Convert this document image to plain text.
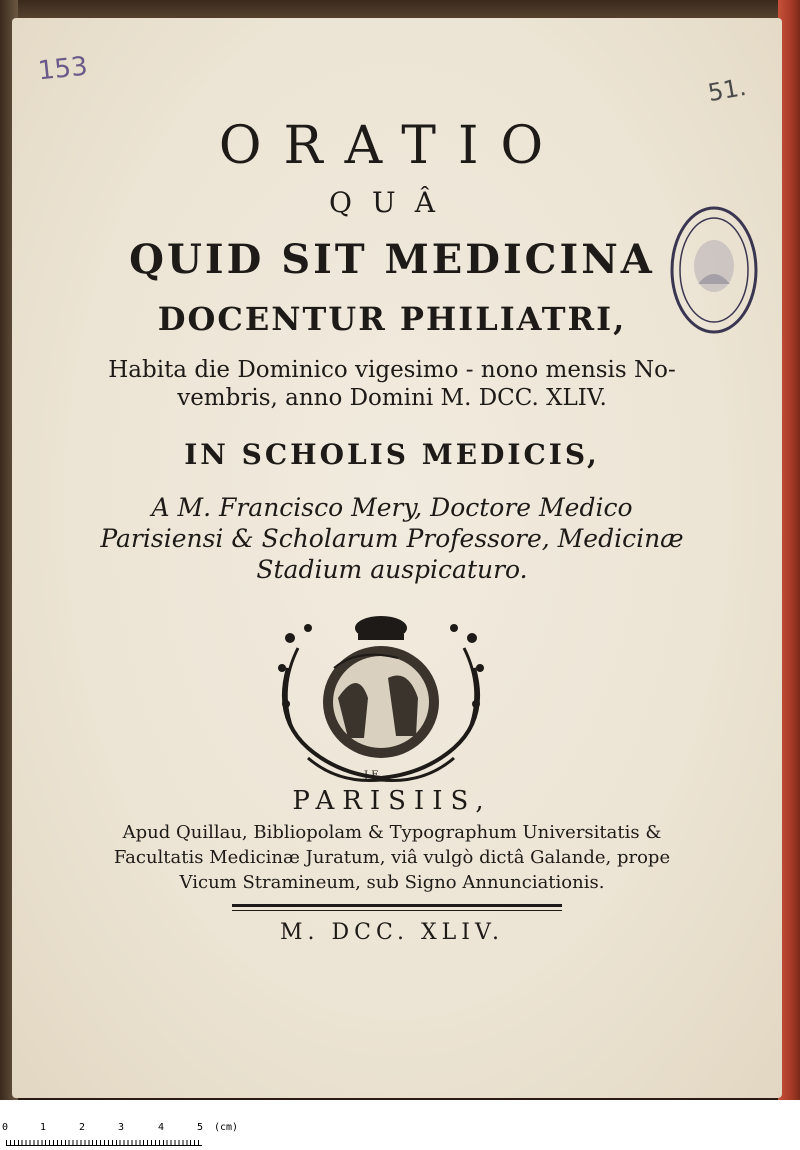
153
51.
ORATIO
QUÂ
QUID SIT MEDICINA
DOCENTUR PHILIATRI,
Habita die Dominico vigesimo - nono mensis No-
vembris, anno Domini M. DCC. XLIV.
IN SCHOLIS MEDICIS,
A M. Francisco Mery, Doctore Medico
Parisiensi & Scholarum Professore, Medicinæ
Stadium auspicaturo.
J F
PARISIIS,
Apud Quillau, Bibliopolam & Typographum Universitatis &
Facultatis Medicinæ Juratum, viâ vulgò dictâ Galande, prope
Vicum Stramineum, sub Signo Annunciationis.
M. DCC. XLIV.
0	1	2	3	4	5 (cm)
